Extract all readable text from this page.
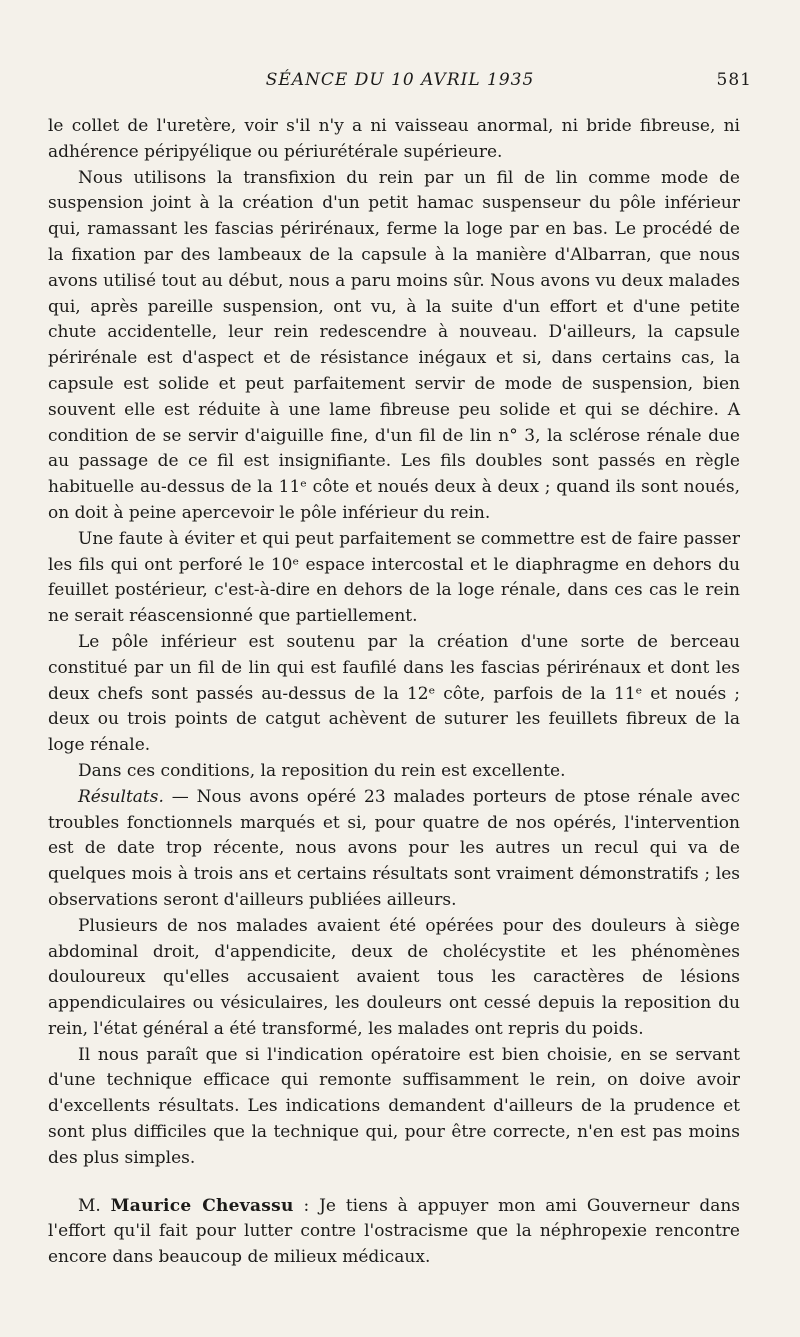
SÉANCE DU 10 AVRIL 1935	581

le collet de l'uretère, voir s'il n'y a ni vaisseau anormal, ni bride fibreuse, ni adhérence péripyélique ou périurétérale supérieure.

Nous utilisons la transfixion du rein par un fil de lin comme mode de suspension joint à la création d'un petit hamac suspenseur du pôle inférieur qui, ramassant les fascias périrénaux, ferme la loge par en bas. Le procédé de la fixation par des lambeaux de la capsule à la manière d'Albarran, que nous avons utilisé tout au début, nous a paru moins sûr. Nous avons vu deux malades qui, après pareille suspension, ont vu, à la suite d'un effort et d'une petite chute accidentelle, leur rein redescendre à nouveau. D'ailleurs, la capsule périrénale est d'aspect et de résistance inégaux et si, dans certains cas, la capsule est solide et peut parfaitement servir de mode de suspension, bien souvent elle est réduite à une lame fibreuse peu solide et qui se déchire. A condition de se servir d'aiguille fine, d'un fil de lin n° 3, la sclérose rénale due au passage de ce fil est insignifiante. Les fils doubles sont passés en règle habituelle au-dessus de la 11ᵉ côte et noués deux à deux ; quand ils sont noués, on doit à peine apercevoir le pôle inférieur du rein.

Une faute à éviter et qui peut parfaitement se commettre est de faire passer les fils qui ont perforé le 10ᵉ espace intercostal et le diaphragme en dehors du feuillet postérieur, c'est-à-dire en dehors de la loge rénale, dans ces cas le rein ne serait réascensionné que partiellement.

Le pôle inférieur est soutenu par la création d'une sorte de berceau constitué par un fil de lin qui est faufilé dans les fascias périrénaux et dont les deux chefs sont passés au-dessus de la 12ᵉ côte, parfois de la 11ᵉ et noués ; deux ou trois points de catgut achèvent de suturer les feuillets fibreux de la loge rénale.

Dans ces conditions, la reposition du rein est excellente.

Résultats. — Nous avons opéré 23 malades porteurs de ptose rénale avec troubles fonctionnels marqués et si, pour quatre de nos opérés, l'intervention est de date trop récente, nous avons pour les autres un recul qui va de quelques mois à trois ans et certains résultats sont vraiment démonstratifs ; les observations seront d'ailleurs publiées ailleurs.

Plusieurs de nos malades avaient été opérées pour des douleurs à siège abdominal droit, d'appendicite, deux de cholécystite et les phénomènes douloureux qu'elles accusaient avaient tous les caractères de lésions appendiculaires ou vésiculaires, les douleurs ont cessé depuis la reposition du rein, l'état général a été transformé, les malades ont repris du poids.

Il nous paraît que si l'indication opératoire est bien choisie, en se servant d'une technique efficace qui remonte suffisamment le rein, on doive avoir d'excellents résultats. Les indications demandent d'ailleurs de la prudence et sont plus difficiles que la technique qui, pour être correcte, n'en est pas moins des plus simples.

M. Maurice Chevassu : Je tiens à appuyer mon ami Gouverneur dans l'effort qu'il fait pour lutter contre l'ostracisme que la néphropexie rencontre encore dans beaucoup de milieux médicaux.
